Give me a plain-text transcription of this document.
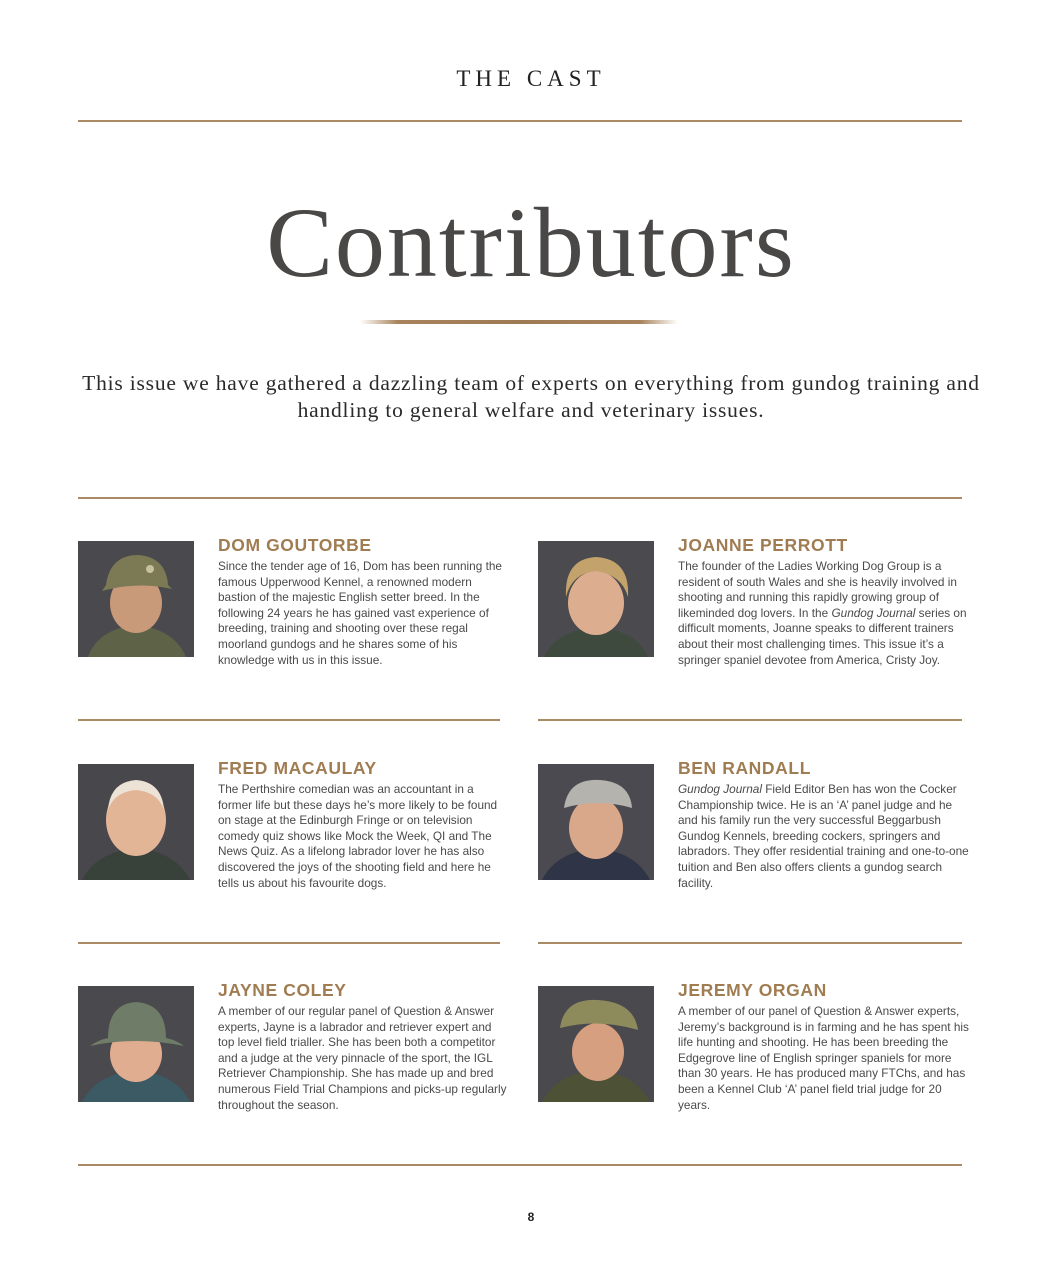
THE CAST
Contributors
This issue we have gathered a dazzling team of experts on everything from gundog training and handling to general welfare and veterinary issues.
DOM GOUTORBE
Since the tender age of 16, Dom has been running the famous Upperwood Kennel, a renowned modern bastion of the majestic English setter breed. In the following 24 years he has gained vast experience of breeding, training and shooting over these regal moorland gundogs and he shares some of his knowledge with us in this issue.
JOANNE PERROTT
The founder of the Ladies Working Dog Group is a resident of south Wales and she is heavily involved in shooting and running this rapidly growing group of likeminded dog lovers. In the Gundog Journal series on difficult moments, Joanne speaks to different trainers about their most challenging times. This issue it’s a springer spaniel devotee from America, Cristy Joy.
FRED MACAULAY
The Perthshire comedian was an accountant in a former life but these days he’s more likely to be found on stage at the Edinburgh Fringe or on television comedy quiz shows like Mock the Week, QI and The News Quiz. As a lifelong labrador lover he has also discovered the joys of the shooting field and here he tells us about his favourite dogs.
BEN RANDALL
Gundog Journal Field Editor Ben has won the Cocker Championship twice. He is an ‘A’ panel judge and he and his family run the very successful Beggarbush Gundog Kennels, breeding cockers, springers and labradors. They offer residential training and one-to-one tuition and Ben also offers clients a gundog search facility.
JAYNE COLEY
A member of our regular panel of Question & Answer experts, Jayne is a labrador and retriever expert and top level field trialler. She has been both a competitor and a judge at the very pinnacle of the sport, the IGL Retriever Championship. She has made up and bred numerous Field Trial Champions and picks-up regularly throughout the season.
JEREMY ORGAN
A member of our panel of Question & Answer experts, Jeremy’s background is in farming and he has spent his life hunting and shooting. He has been breeding the Edgegrove line of English springer spaniels for more than 30 years. He has produced many FTChs, and has been a Kennel Club ‘A’ panel field trial judge for 20 years.
8
